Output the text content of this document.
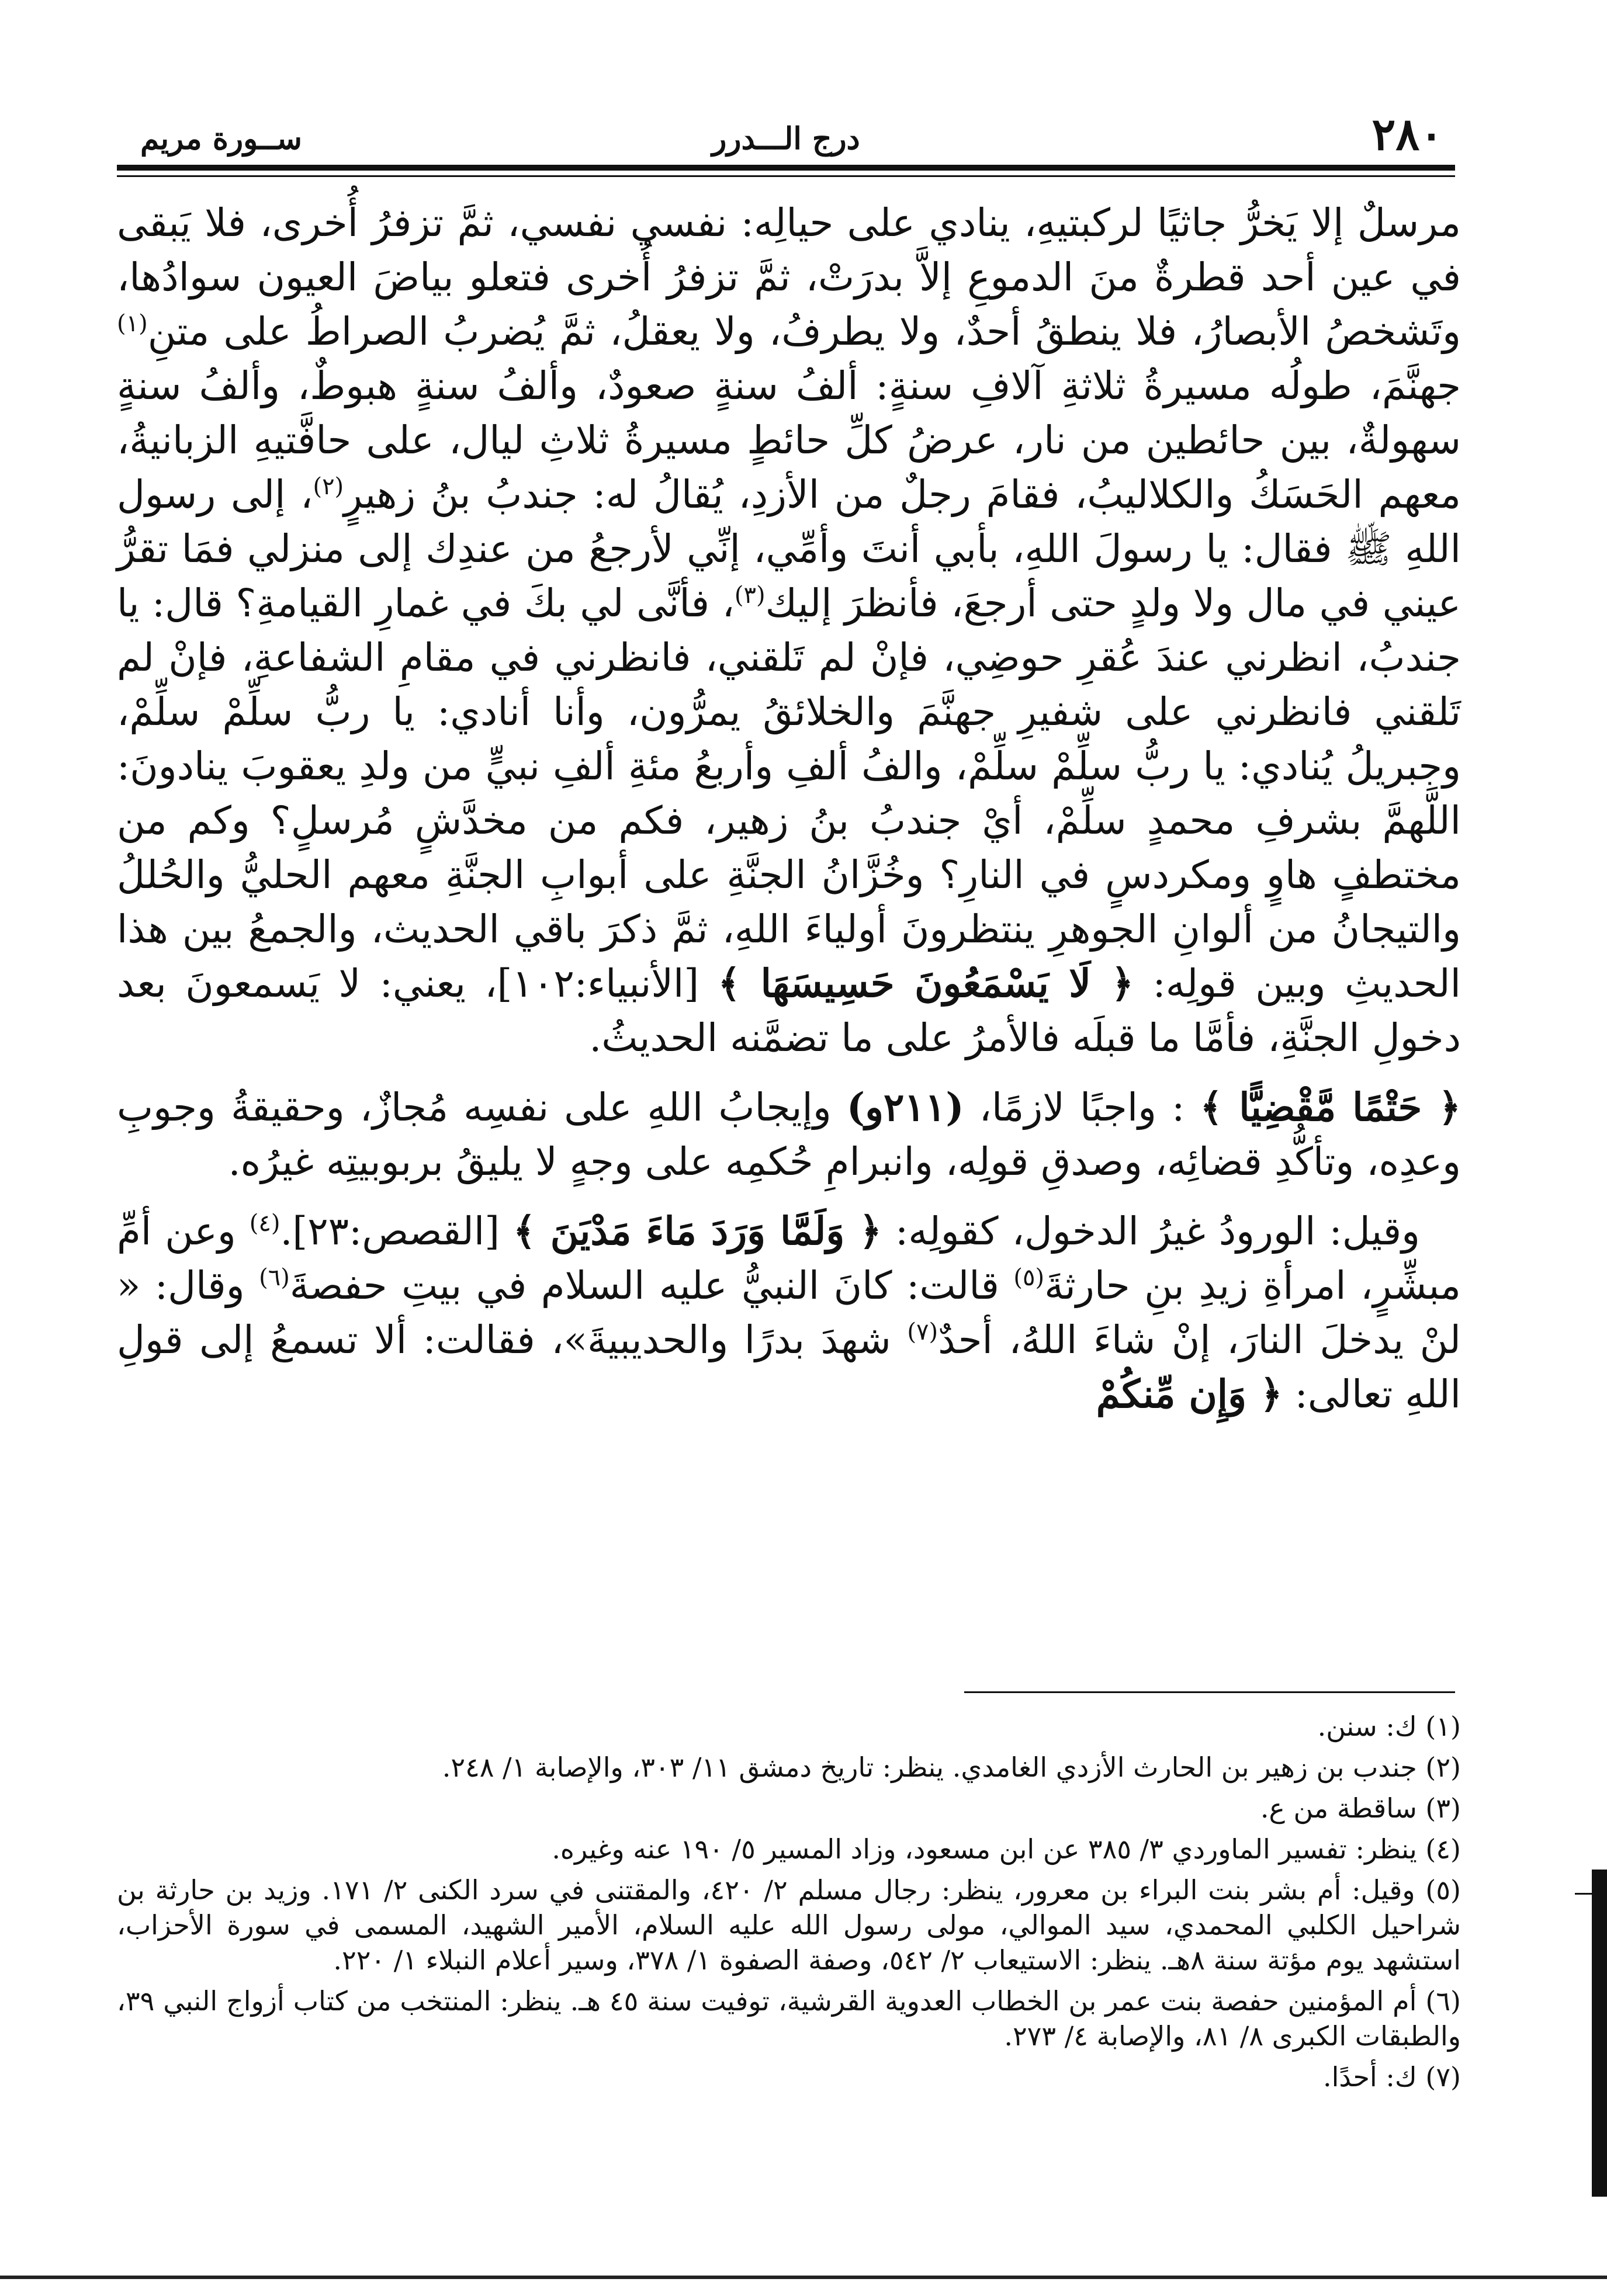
٢٨٠
درج الـــدرر
ســورة مريم

مرسلٌ إلا يَخرُّ جاثيًا لركبتيهِ، ينادي على حيالِه: نفسي نفسي، ثمَّ تزفرُ أُخرى، فلا يَبقى في عين أحد قطرةٌ منَ الدموعِ إلاَّ بدرَتْ، ثمَّ تزفرُ أُخرى فتعلو بياضَ العيون سوادُها، وتَشخصُ الأبصارُ، فلا ينطقُ أحدٌ، ولا يطرفُ، ولا يعقلُ، ثمَّ يُضربُ الصراطُ على متنِ$^{(١)}$ جهنَّمَ، طولُه مسيرةُ ثلاثةِ آلافِ سنةٍ: ألفُ سنةٍ صعودٌ، وألفُ سنةٍ هبوطٌ، وألفُ سنةٍ سهولةٌ، بين حائطين من نار، عرضُ كلِّ حائطٍ مسيرةُ ثلاثِ ليال، على حافَّتيهِ الزبانيةُ، معهم الحَسَكُ والكلاليبُ، فقامَ رجلٌ من الأزدِ، يُقالُ له: جندبُ بنُ زهيرٍ$^{(٢)}$، إلى رسول اللهِ ﷺ فقال: يا رسولَ اللهِ، بأبي أنتَ وأمِّي، إنِّي لأرجعُ من عندِك إلى منزلي فمَا تقرُّ عيني في مال ولا ولدٍ حتى أرجعَ، فأنظرَ إليك$^{(٣)}$، فأنَّى لي بكَ في غمارِ القيامةِ؟ قال: يا جندبُ، انظرني عندَ عُقرِ حوضِي، فإنْ لم تَلقني، فانظرني في مقامِ الشفاعةِ، فإنْ لم تَلقني فانظرني على شفيرِ جهنَّمَ والخلائقُ يمرُّون، وأنا أنادي: يا ربُّ سلِّمْ سلِّمْ، وجبريلُ يُنادي: يا ربُّ سلِّمْ سلِّمْ، والفُ ألفِ وأربعُ مئةِ ألفِ نبيٍّ من ولدِ يعقوبَ ينادونَ: اللَّهمَّ بشرفِ محمدٍ سلِّمْ، أيْ جندبُ بنُ زهير، فكم من مخدَّشٍ مُرسلٍ؟ وكم من مختطفٍ هاوٍ ومكردسٍ في النارِ؟ وخُزَّانُ الجنَّةِ على أبوابِ الجنَّةِ معهم الحليُّ والحُللُ والتيجانُ من ألوانِ الجوهرِ ينتظرونَ أولياءَ اللهِ، ثمَّ ذكرَ باقي الحديث، والجمعُ بين هذا الحديثِ وبين قولِه: ﴿ لَا يَسْمَعُونَ حَسِيسَهَا ﴾ [الأنبياء:١٠٢]، يعني: لا يَسمعونَ بعد دخولِ الجنَّةِ، فأمَّا ما قبلَه فالأمرُ على ما تضمَّنه الحديثُ.

﴿ حَتْمًا مَّقْضِيًّا ﴾ : واجبًا لازمًا، (٢١١و) وإيجابُ اللهِ على نفسِه مُجازٌ، وحقيقةُ وجوبِ وعدِه، وتأكُّدِ قضائِه، وصدقِ قولِه، وانبرامِ حُكمِه على وجهٍ لا يليقُ بربوبيتِه غيرُه.

وقيل: الورودُ غيرُ الدخول، كقولِه: ﴿ وَلَمَّا وَرَدَ مَاءَ مَدْيَنَ ﴾ [القصص:٢٣].$^{(٤)}$ وعن أمِّ مبشِّرٍ، امرأةِ زيدِ بنِ حارثةَ$^{(٥)}$ قالت: كانَ النبيُّ عليه السلام في بيتِ حفصةَ$^{(٦)}$ وقال: « لنْ يدخلَ النارَ، إنْ شاءَ اللهُ، أحدٌ$^{(٧)}$ شهدَ بدرًا والحديبيةَ»، فقالت: ألا تسمعُ إلى قولِ اللهِ تعالى: ﴿ وَإِن مِّنكُمْ

(١) ك: سنن.

(٢) جندب بن زهير بن الحارث الأزدي الغامدي. ينظر: تاريخ دمشق ١١/ ٣٠٣، والإصابة ١/ ٢٤٨.

(٣) ساقطة من ع.

(٤) ينظر: تفسير الماوردي ٣/ ٣٨٥ عن ابن مسعود، وزاد المسير ٥/ ١٩٠ عنه وغيره.

(٥) وقيل: أم بشر بنت البراء بن معرور، ينظر: رجال مسلم ٢/ ٤٢٠، والمقتنى في سرد الكنى ٢/ ١٧١. وزيد بن حارثة بن شراحيل الكلبي المحمدي، سيد الموالي، مولى رسول الله عليه السلام، الأمير الشهيد، المسمى في سورة الأحزاب، استشهد يوم مؤتة سنة ٨هـ. ينظر: الاستيعاب ٢/ ٥٤٢، وصفة الصفوة ١/ ٣٧٨، وسير أعلام النبلاء ١/ ٢٢٠.

(٦) أم المؤمنين حفصة بنت عمر بن الخطاب العدوية القرشية، توفيت سنة ٤٥ هـ. ينظر: المنتخب من كتاب أزواج النبي ٣٩، والطبقات الكبرى ٨/ ٨١، والإصابة ٤/ ٢٧٣.

(٧) ك: أحدًا.
